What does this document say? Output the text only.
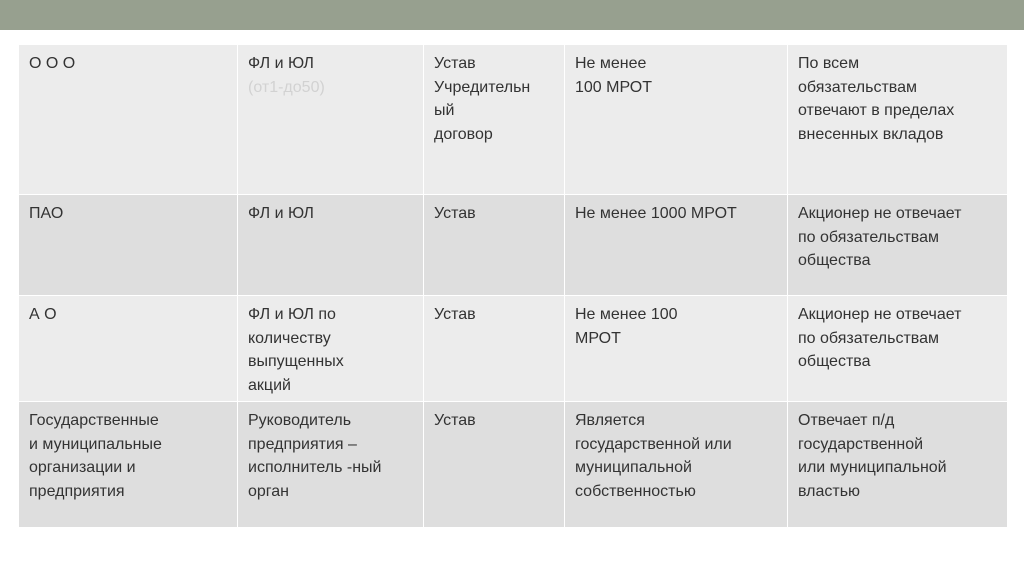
О О О	ФЛ и ЮЛ
(от1-до50)	Устав
Учредительн
ый
договор	Не менее
100 МРОТ	По всем
обязательствам
отвечают в пределах
внесенных вкладов

ПАО	ФЛ и ЮЛ	Устав	Не менее 1000 МРОТ	Акционер не отвечает
по обязательствам
общества

А О	ФЛ и ЮЛ по
количеству
выпущенных
акций	Устав	Не менее 100
МРОТ	Акционер не отвечает
по обязательствам
общества

Государственные
и муниципальные
организации и
предприятия	Руководитель
предприятия –
исполнитель -ный
орган	Устав	Является
государственной или
муниципальной
собственностью	Отвечает п/д
государственной
или муниципальной
властью
